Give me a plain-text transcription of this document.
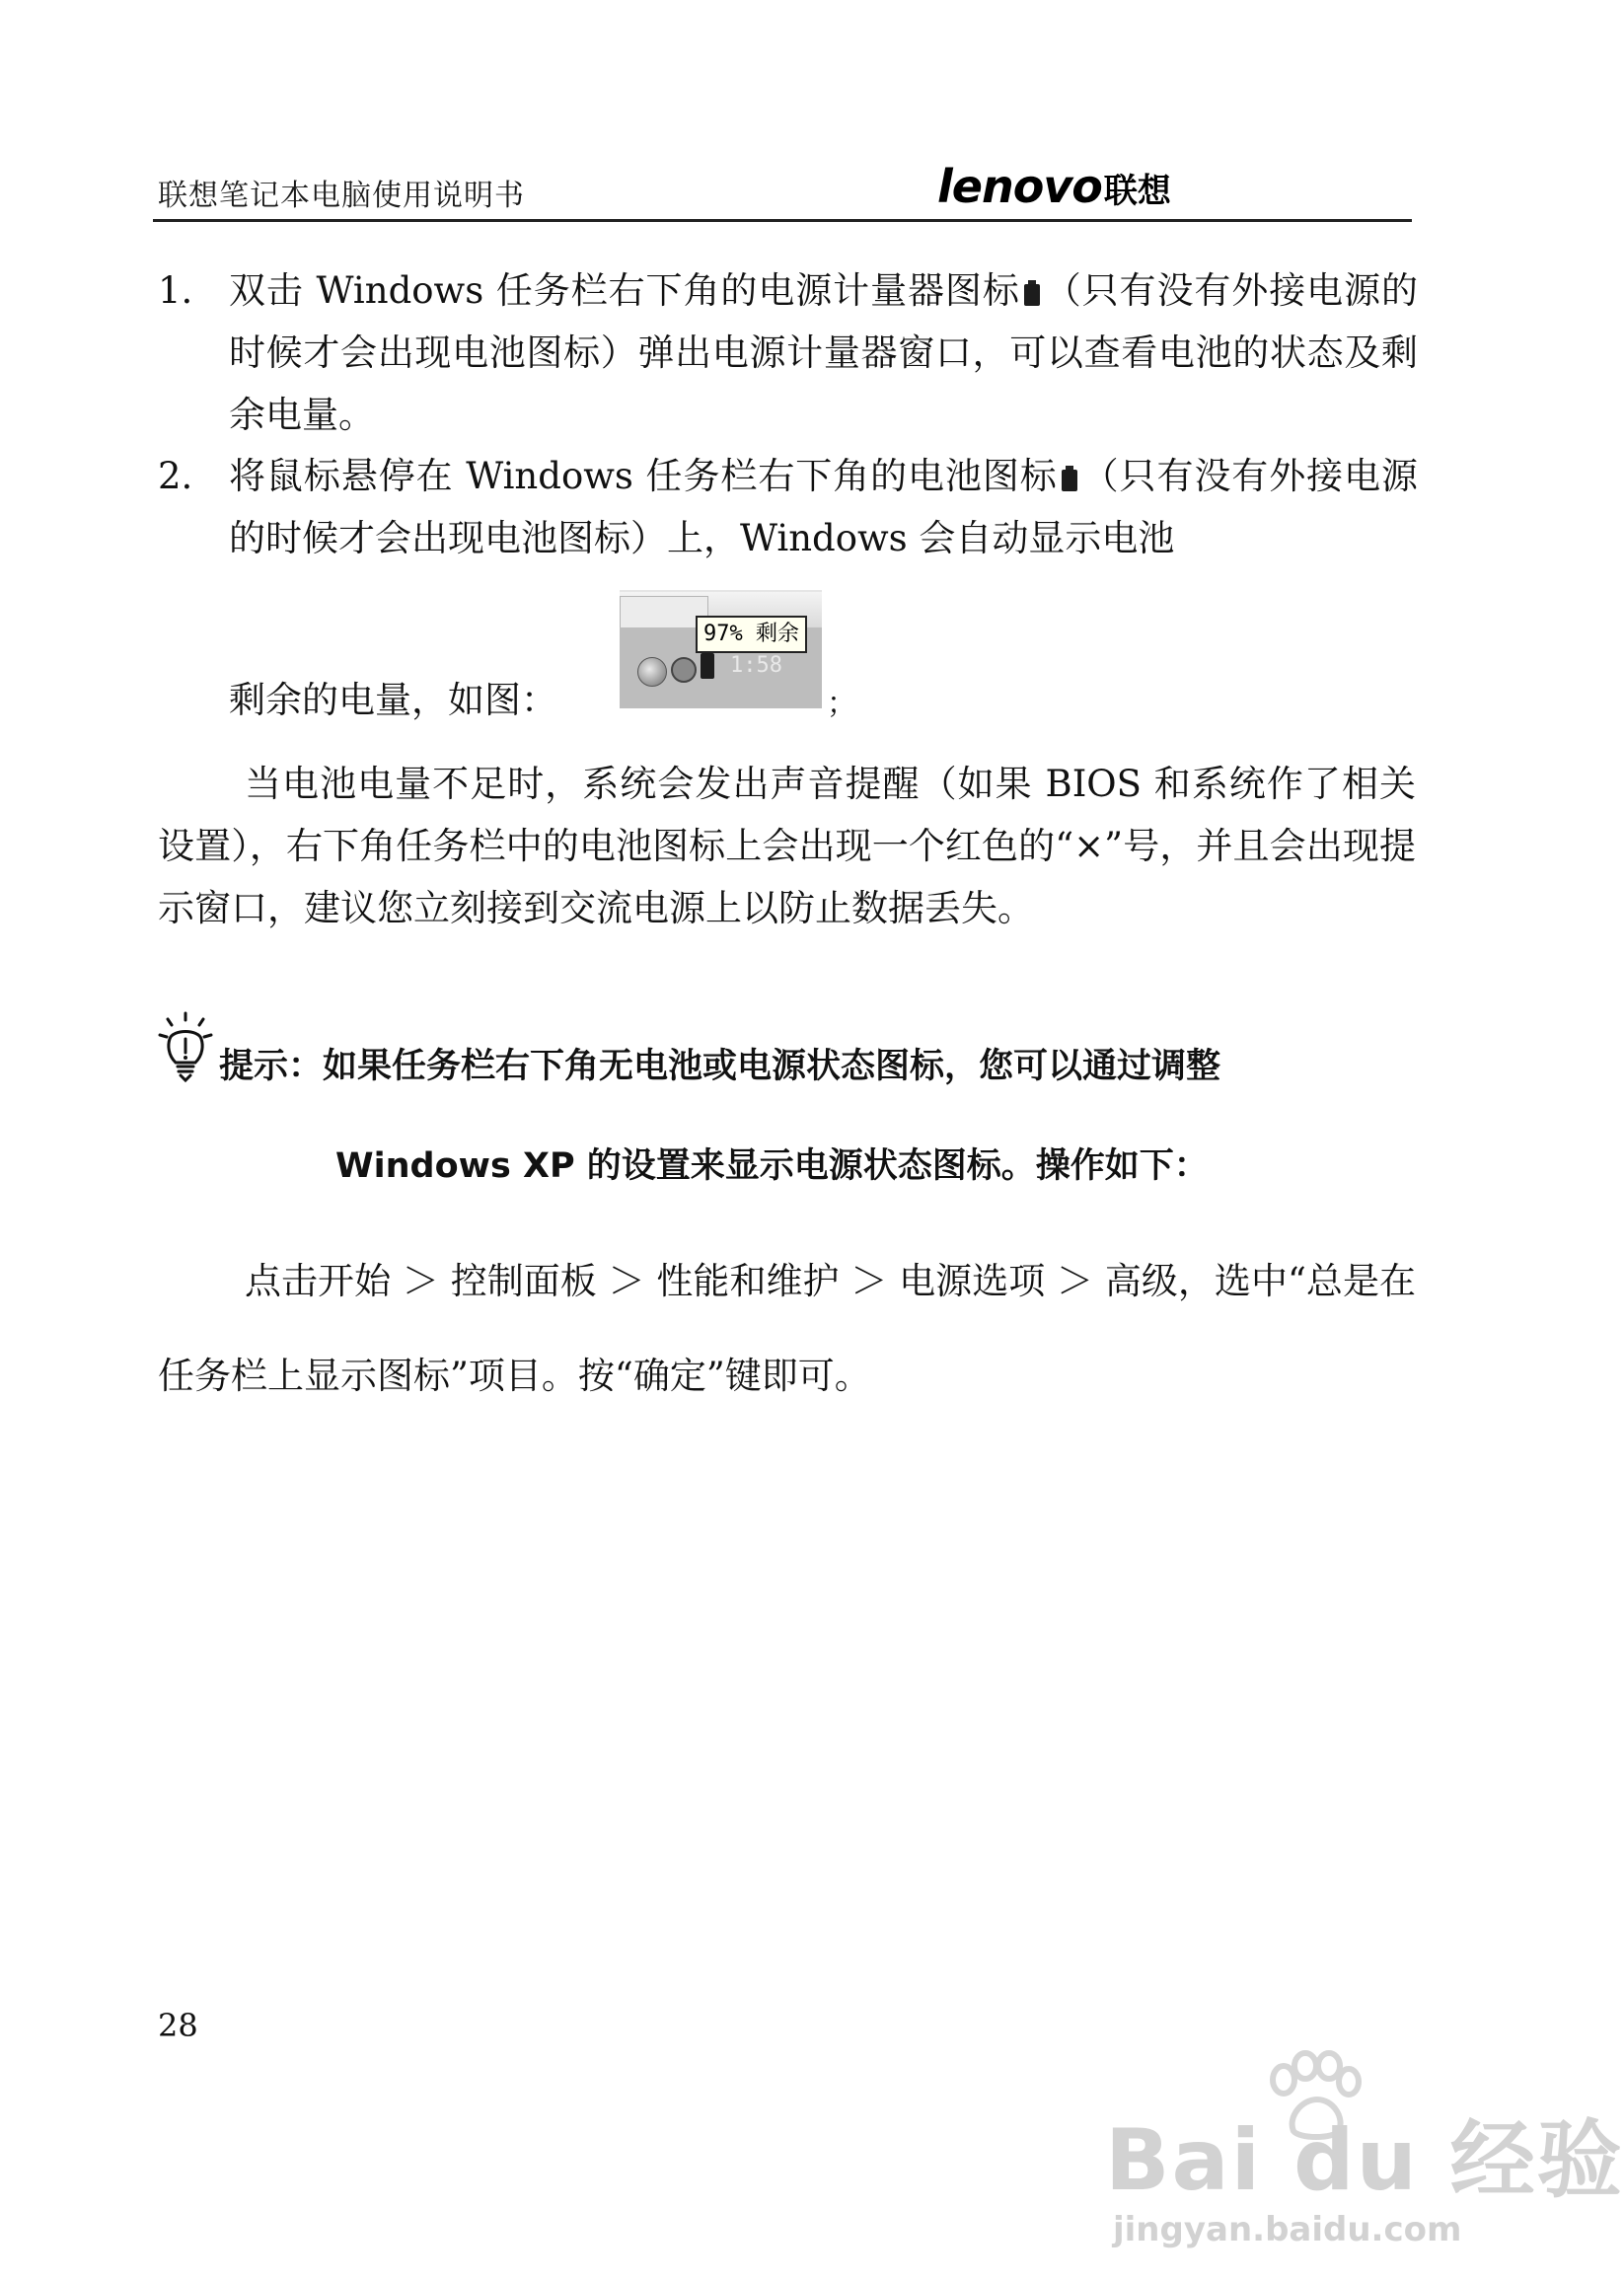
联想笔记本电脑使用说明书	lenovo联想
1. 双击 Windows 任务栏右下角的电源计量器图标 （只有没有外接电源的时候才会出现电池图标）弹出电源计量器窗口，可以查看电池的状态及剩余电量。
2. 将鼠标悬停在 Windows 任务栏右下角的电池图标 （只有没有外接电源的时候才会出现电池图标）上，Windows 会自动显示电池
剩余的电量，如图：
1:58
97% 剩余
；
当电池电量不足时，系统会发出声音提醒（如果 BIOS 和系统作了相关设置），右下角任务栏中的电池图标上会出现一个红色的“×”号，并且会出现提示窗口，建议您立刻接到交流电源上以防止数据丢失。
提示：如果任务栏右下角无电池或电源状态图标，您可以通过调整
Windows XP 的设置来显示电源状态图标。操作如下：
点击开始 ＞ 控制面板 ＞ 性能和维护 ＞ 电源选项 ＞ 高级，选中“总是在任务栏上显示图标”项目。按“确定”键即可。
28
Bai du 经验
jingyan.baidu.com
